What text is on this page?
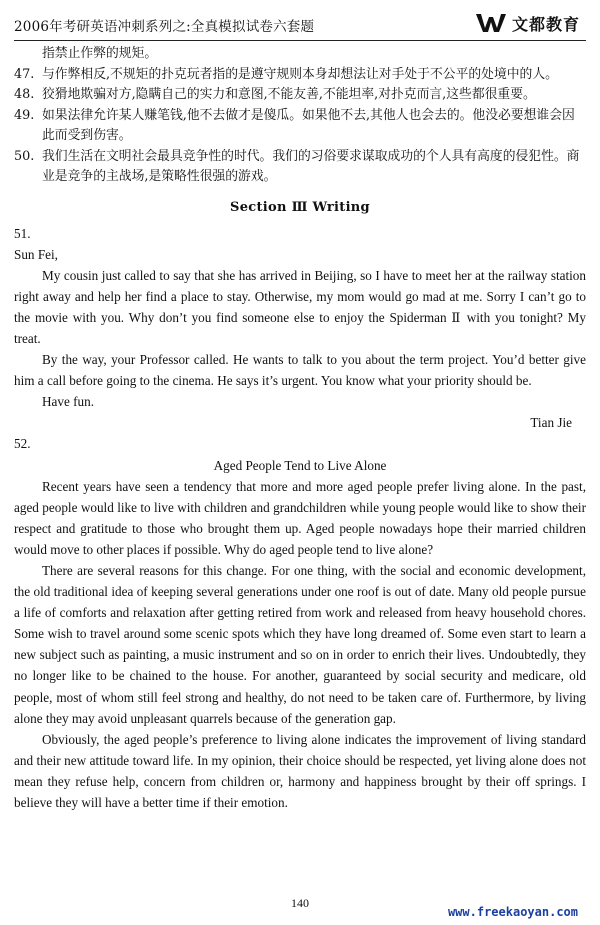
2006年考研英语冲刺系列之:全真模拟试卷六套题	文都教育

指禁止作弊的规矩。

47. 与作弊相反,不规矩的扑克玩者指的是遵守规则本身却想法让对手处于不公平的处境中的人。

48. 狡猾地欺骗对方,隐瞒自己的实力和意图,不能友善,不能坦率,对扑克而言,这些都很重要。

49. 如果法律允许某人赚笔钱,他不去做才是傻瓜。如果他不去,其他人也会去的。他没必要想谁会因此而受到伤害。

50. 我们生活在文明社会最具竞争性的时代。我们的习俗要求谋取成功的个人具有高度的侵犯性。商业是竞争的主战场,是策略性很强的游戏。

Section Ⅲ Writing

51.

Sun Fei,

My cousin just called to say that she has arrived in Beijing, so I have to meet her at the railway station right away and help her find a place to stay. Otherwise, my mom would go mad at me. Sorry I can’t go to the movie with you. Why don’t you find someone else to enjoy the Spiderman Ⅱ with you tonight? My treat.

By the way, your Professor called. He wants to talk to you about the term project. You’d better give him a call before going to the cinema. He says it’s urgent. You know what your priority should be.

Have fun.

Tian Jie

52.

Aged People Tend to Live Alone

Recent years have seen a tendency that more and more aged people prefer living alone. In the past, aged people would like to live with children and grandchildren while young people would like to show their respect and gratitude to those who brought them up. Aged people nowadays hope their married children would move to other places if possible. Why do aged people tend to live alone?

There are several reasons for this change. For one thing, with the social and economic development, the old traditional idea of keeping several generations under one roof is out of date. Many old people pursue a life of comforts and relaxation after getting retired from work and released from heavy household chores. Some wish to travel around some scenic spots which they have long dreamed of. Some even start to learn a new subject such as painting, a music instrument and so on in order to enrich their lives. Undoubtedly, they no longer like to be chained to the house. For another, guaranteed by social security and medicare, old people, most of whom still feel strong and healthy, do not need to be taken care of. Furthermore, by living alone they may avoid unpleasant quarrels because of the generation gap.

Obviously, the aged people’s preference to living alone indicates the improvement of living standard and their new attitude toward life. In my opinion, their choice should be respected, yet living alone does not mean they refuse help, concern from children or, harmony and happiness brought by their off springs. I believe they will have a better time if their emotion.

140
www.freekaoyan.com
